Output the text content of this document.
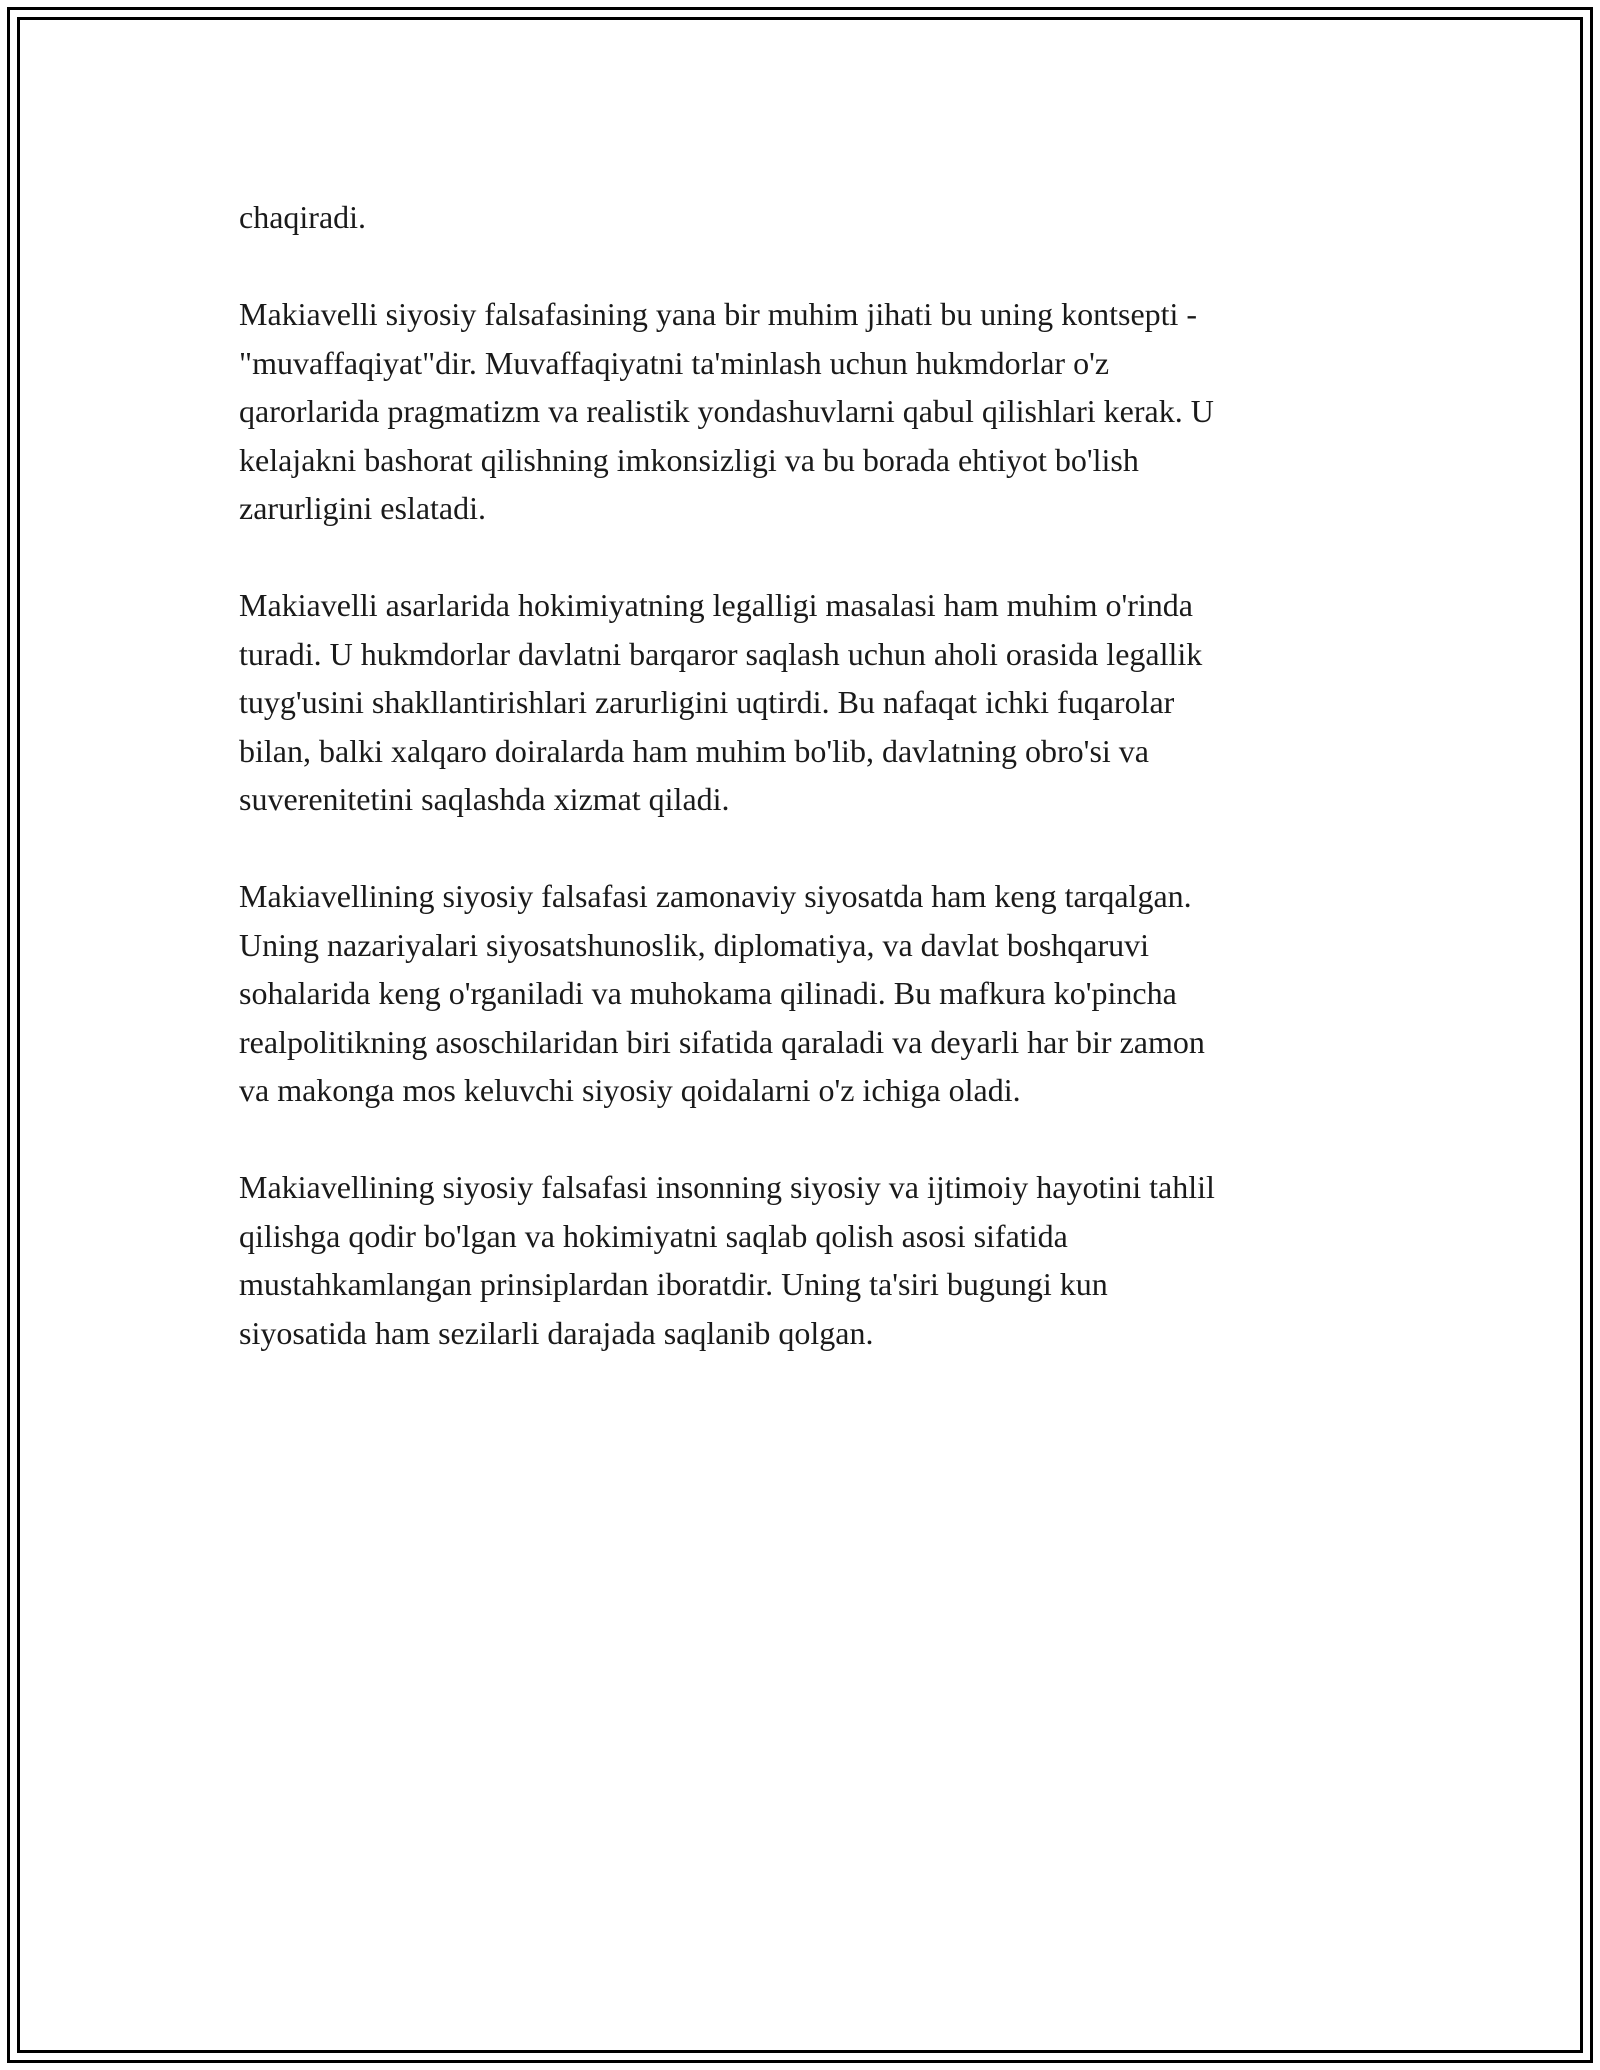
chaqiradi.

Makiavelli siyosiy falsafasining yana bir muhim jihati bu uning kontsepti -
"muvaffaqiyat"dir. Muvaffaqiyatni ta'minlash uchun hukmdorlar o'z
qarorlarida pragmatizm va realistik yondashuvlarni qabul qilishlari kerak. U
kelajakni bashorat qilishning imkonsizligi va bu borada ehtiyot bo'lish
zarurligini eslatadi.

Makiavelli asarlarida hokimiyatning legalligi masalasi ham muhim o'rinda
turadi. U hukmdorlar davlatni barqaror saqlash uchun aholi orasida legallik
tuyg'usini shakllantirishlari zarurligini uqtirdi. Bu nafaqat ichki fuqarolar
bilan, balki xalqaro doiralarda ham muhim bo'lib, davlatning obro'si va
suverenitetini saqlashda xizmat qiladi.

Makiavellining siyosiy falsafasi zamonaviy siyosatda ham keng tarqalgan.
Uning nazariyalari siyosatshunoslik, diplomatiya, va davlat boshqaruvi
sohalarida keng o'rganiladi va muhokama qilinadi. Bu mafkura ko'pincha
realpolitikning asoschilaridan biri sifatida qaraladi va deyarli har bir zamon
va makonga mos keluvchi siyosiy qoidalarni o'z ichiga oladi.

Makiavellining siyosiy falsafasi insonning siyosiy va ijtimoiy hayotini tahlil
qilishga qodir bo'lgan va hokimiyatni saqlab qolish asosi sifatida
mustahkamlangan prinsiplardan iboratdir. Uning ta'siri bugungi kun
siyosatida ham sezilarli darajada saqlanib qolgan.
